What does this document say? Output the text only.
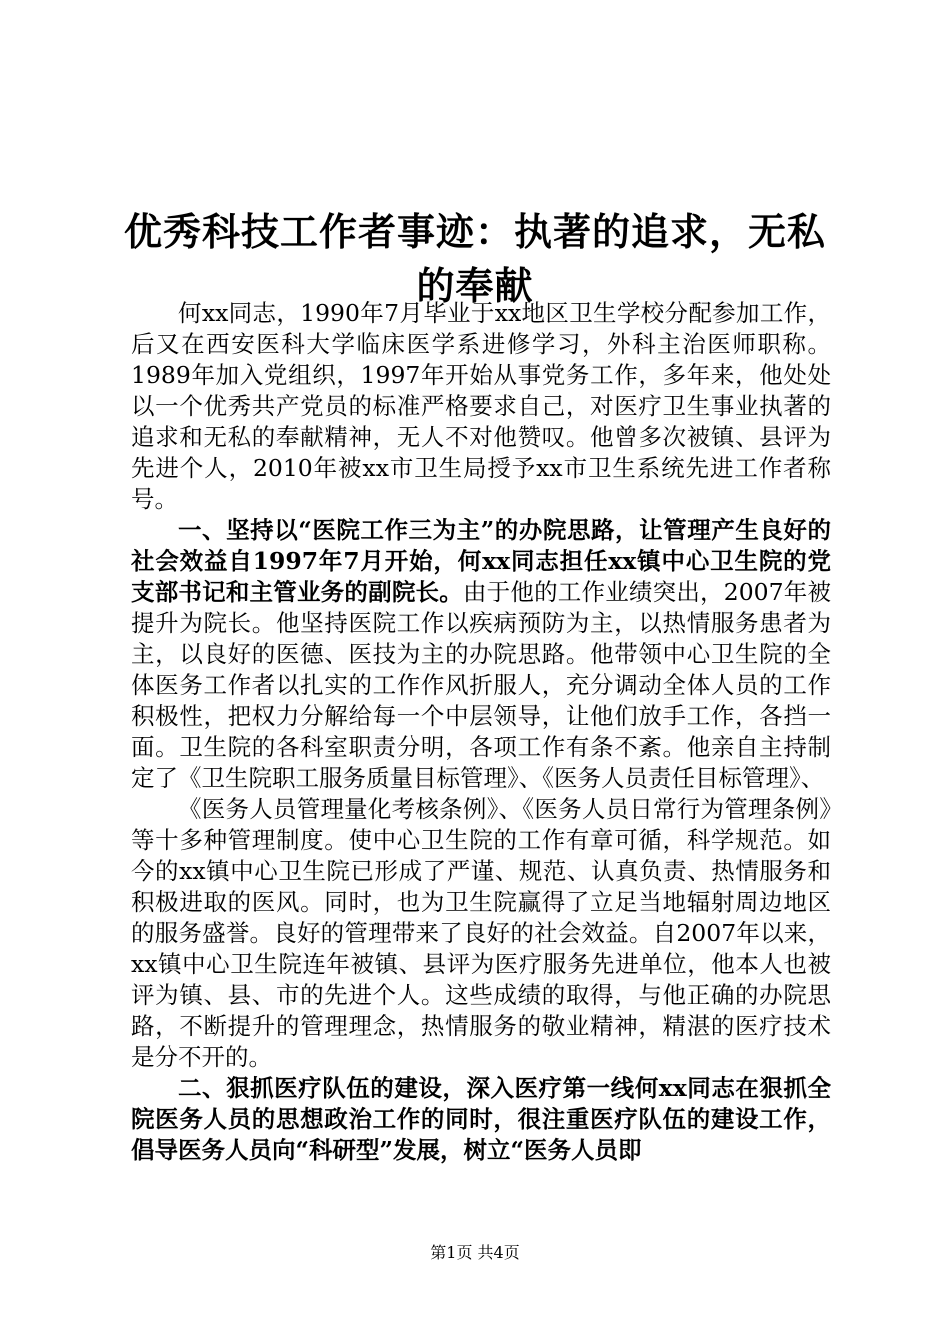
优秀科技工作者事迹：执著的追求，无私的奉献

何xx同志，1990年7月毕业于xx地区卫生学校分配参加工作，后又在西安医科大学临床医学系进修学习，外科主治医师职称。1989年加入党组织，1997年开始从事党务工作，多年来，他处处以一个优秀共产党员的标准严格要求自己，对医疗卫生事业执著的追求和无私的奉献精神，无人不对他赞叹。他曾多次被镇、县评为先进个人，2010年被xx市卫生局授予xx市卫生系统先进工作者称号。

一、坚持以“医院工作三为主”的办院思路，让管理产生良好的社会效益自1997年7月开始，何xx同志担任xx镇中心卫生院的党支部书记和主管业务的副院长。由于他的工作业绩突出，2007年被提升为院长。他坚持医院工作以疾病预防为主，以热情服务患者为主，以良好的医德、医技为主的办院思路。他带领中心卫生院的全体医务工作者以扎实的工作作风折服人，充分调动全体人员的工作积极性，把权力分解给每一个中层领导，让他们放手工作，各挡一面。卫生院的各科室职责分明，各项工作有条不紊。他亲自主持制定了《卫生院职工服务质量目标管理》、《医务人员责任目标管理》、

《医务人员管理量化考核条例》、《医务人员日常行为管理条例》等十多种管理制度。使中心卫生院的工作有章可循，科学规范。如今的xx镇中心卫生院已形成了严谨、规范、认真负责、热情服务和积极进取的医风。同时，也为卫生院赢得了立足当地辐射周边地区的服务盛誉。良好的管理带来了良好的社会效益。自2007年以来，xx镇中心卫生院连年被镇、县评为医疗服务先进单位，他本人也被评为镇、县、市的先进个人。这些成绩的取得，与他正确的办院思路，不断提升的管理理念，热情服务的敬业精神，精湛的医疗技术是分不开的。

二、狠抓医疗队伍的建设，深入医疗第一线何xx同志在狠抓全院医务人员的思想政治工作的同时，很注重医疗队伍的建设工作，倡导医务人员向“科研型”发展，树立“医务人员即

第1页 共4页
